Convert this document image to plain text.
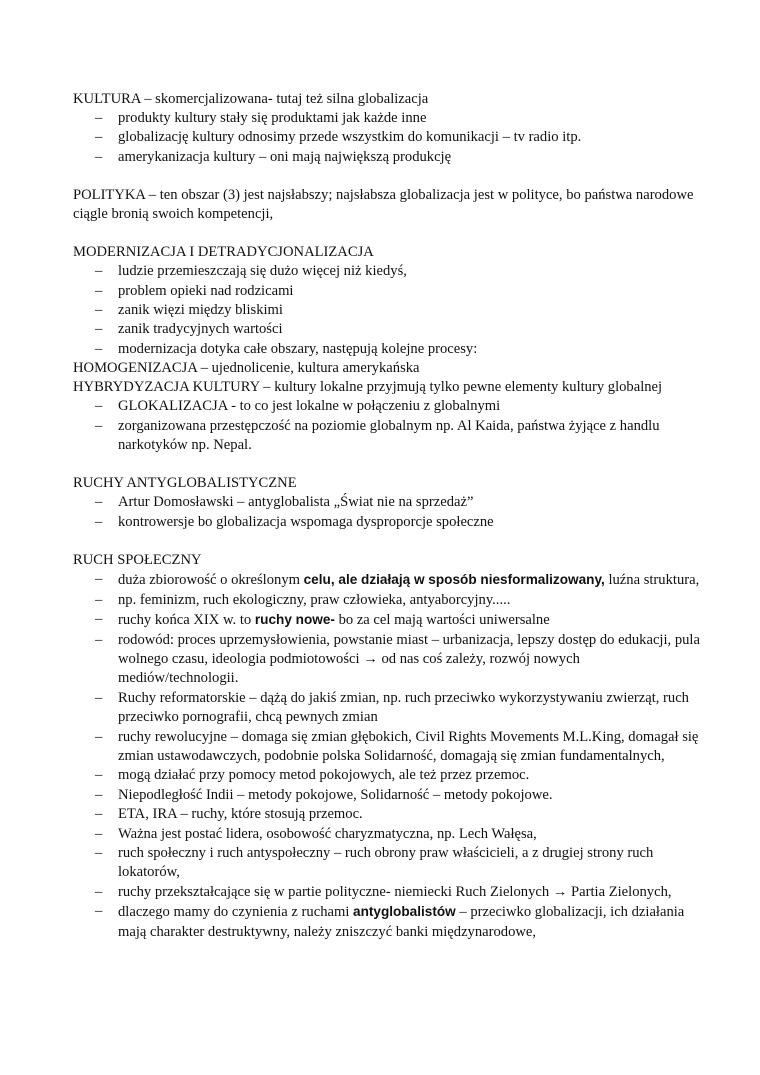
KULTURA – skomercjalizowana- tutaj też silna globalizacja

– produkty kultury stały się produktami jak każde inne
– globalizację kultury odnosimy przede wszystkim do komunikacji – tv radio itp.
– amerykanizacja kultury – oni mają największą produkcję

POLITYKA – ten obszar (3) jest najsłabszy; najsłabsza globalizacja jest w polityce, bo państwa narodowe ciągle bronią swoich kompetencji,

MODERNIZACJA I DETRADYCJONALIZACJA

– ludzie przemieszczają się dużo więcej niż kiedyś,
– problem opieki nad rodzicami
– zanik więzi między bliskimi
– zanik tradycyjnych wartości
– modernizacja dotyka całe obszary, następują kolejne procesy:

HOMOGENIZACJA – ujednolicenie, kultura amerykańska

HYBRYDYZACJA KULTURY – kultury lokalne przyjmują tylko pewne elementy kultury globalnej

– GLOKALIZACJA - to co jest lokalne w połączeniu z globalnymi
– zorganizowana przestępczość na poziomie globalnym np. Al Kaida, państwa żyjące z handlu narkotyków np. Nepal.

RUCHY ANTYGLOBALISTYCZNE

– Artur Domosławski – antyglobalista „Świat nie na sprzedaż”
– kontrowersje bo globalizacja wspomaga dysproporcje społeczne

RUCH SPOŁECZNY

– duża zbiorowość o określonym celu, ale działają w sposób niesformalizowany, luźna struktura,
– np. feminizm, ruch ekologiczny, praw człowieka, antyaborcyjny.....
– ruchy końca XIX w. to ruchy nowe- bo za cel mają wartości uniwersalne
– rodowód: proces uprzemysłowienia, powstanie miast – urbanizacja, lepszy dostęp do edukacji, pula wolnego czasu, ideologia podmiotowości → od nas coś zależy, rozwój nowych mediów/technologii.
– Ruchy reformatorskie – dążą do jakiś zmian, np. ruch przeciwko wykorzystywaniu zwierząt, ruch przeciwko pornografii, chcą pewnych zmian
– ruchy rewolucyjne – domaga się zmian głębokich, Civil Rights Movements M.L.King, domagał się zmian ustawodawczych, podobnie polska Solidarność, domagają się zmian fundamentalnych,
– mogą działać przy pomocy metod pokojowych, ale też przez przemoc.
– Niepodległość Indii – metody pokojowe, Solidarność – metody pokojowe.
– ETA, IRA – ruchy, które stosują przemoc.
– Ważna jest postać lidera, osobowość charyzmatyczna, np. Lech Wałęsa,
– ruch społeczny i ruch antyspołeczny – ruch obrony praw właścicieli, a z drugiej strony ruch lokatorów,
– ruchy przekształcające się w partie polityczne- niemiecki Ruch Zielonych → Partia Zielonych,
– dlaczego mamy do czynienia z ruchami antyglobalistów – przeciwko globalizacji, ich działania mają charakter destruktywny, należy zniszczyć banki międzynarodowe,
